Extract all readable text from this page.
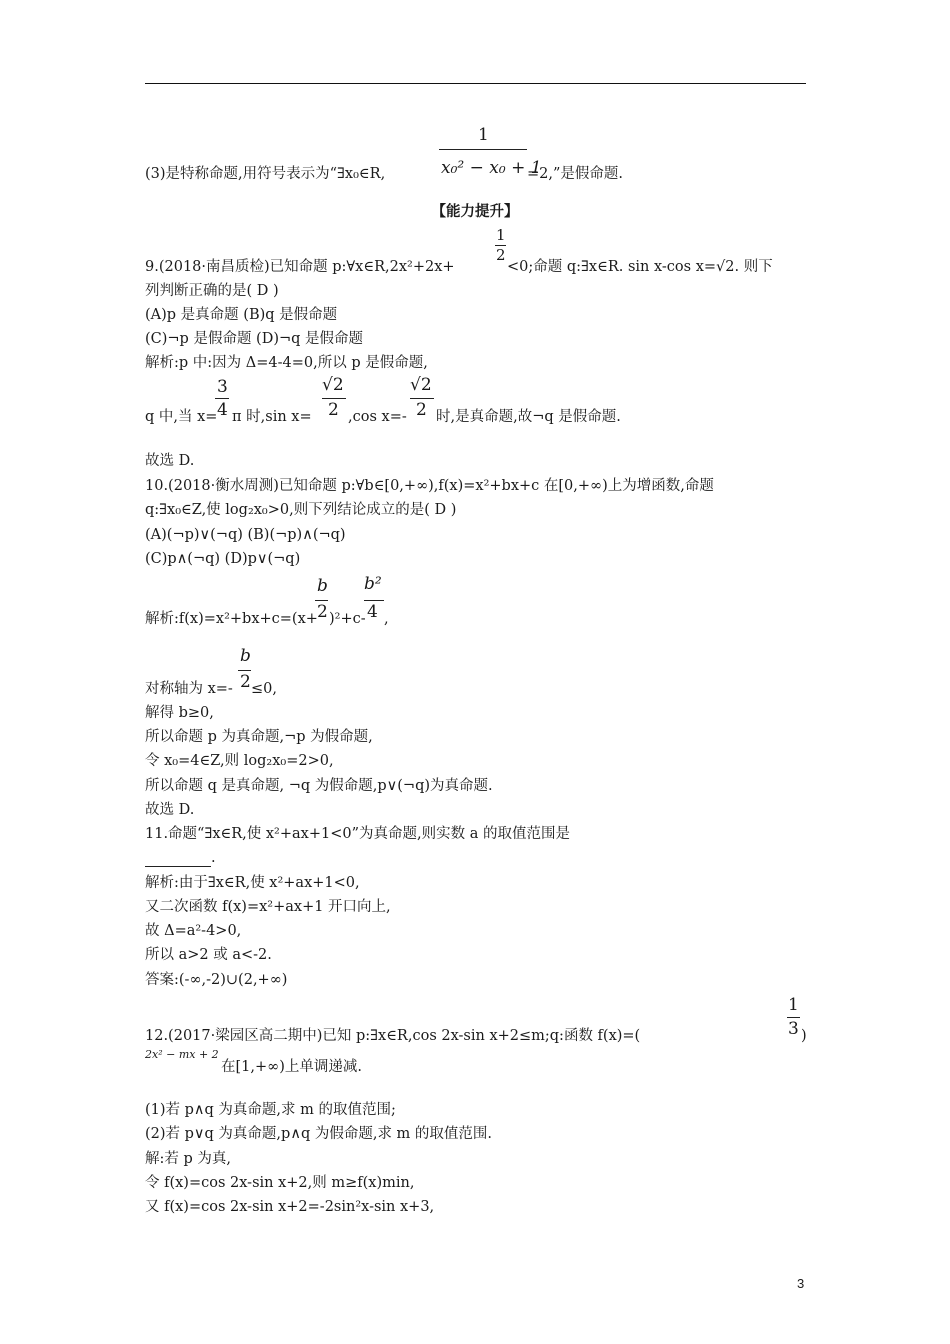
1
x₀² − x₀ + 1
(3)是特称命题,用符号表示为“∃x₀∈R,	=2,”是假命题.
【能力提升】
1
2
9.(2018·南昌质检)已知命题 p:∀x∈R,2x²+2x+	<0;命题 q:∃x∈R. sin x-cos x=√2. 则下
列判断正确的是( D )
(A)p 是真命题 (B)q 是假命题
(C)¬p 是假命题 (D)¬q 是假命题
解析:p 中:因为 Δ=4-4=0,所以 p 是假命题,
3
4
√2
2
√2
2
q 中,当 x= π 时,sin x=	,cos x=- 时,是真命题,故¬q 是假命题.
故选 D.
10.(2018·衡水周测)已知命题 p:∀b∈[0,+∞),f(x)=x²+bx+c 在[0,+∞)上为增函数,命题
q:∃x₀∈Z,使 log₂x₀>0,则下列结论成立的是( D )
(A)(¬p)∨(¬q) (B)(¬p)∧(¬q)
(C)p∧(¬q) (D)p∨(¬q)
b
2
b²
4
解析:f(x)=x²+bx+c=(x+ )²+c- ,
b
2
对称轴为 x=- ≤0,
解得 b≥0,
所以命题 p 为真命题,¬p 为假命题,
令 x₀=4∈Z,则 log₂x₀=2>0,
所以命题 q 是真命题, ¬q 为假命题,p∨(¬q)为真命题.
故选 D.
11.命题“∃x∈R,使 x²+ax+1<0”为真命题,则实数 a 的取值范围是
.
解析:由于∃x∈R,使 x²+ax+1<0,
又二次函数 f(x)=x²+ax+1 开口向上,
故 Δ=a²-4>0,
所以 a>2 或 a<-2.
答案:(-∞,-2)∪(2,+∞)
1
3
12.(2017·梁园区高二期中)已知 p:∃x∈R,cos 2x-sin x+2≤m;q:函数 f(x)=(	)
2x² − mx + 2
在[1,+∞)上单调递减.
(1)若 p∧q 为真命题,求 m 的取值范围;
(2)若 p∨q 为真命题,p∧q 为假命题,求 m 的取值范围.
解:若 p 为真,
令 f(x)=cos 2x-sin x+2,则 m≥f(x)min,
又 f(x)=cos 2x-sin x+2=-2sin²x-sin x+3,
3
